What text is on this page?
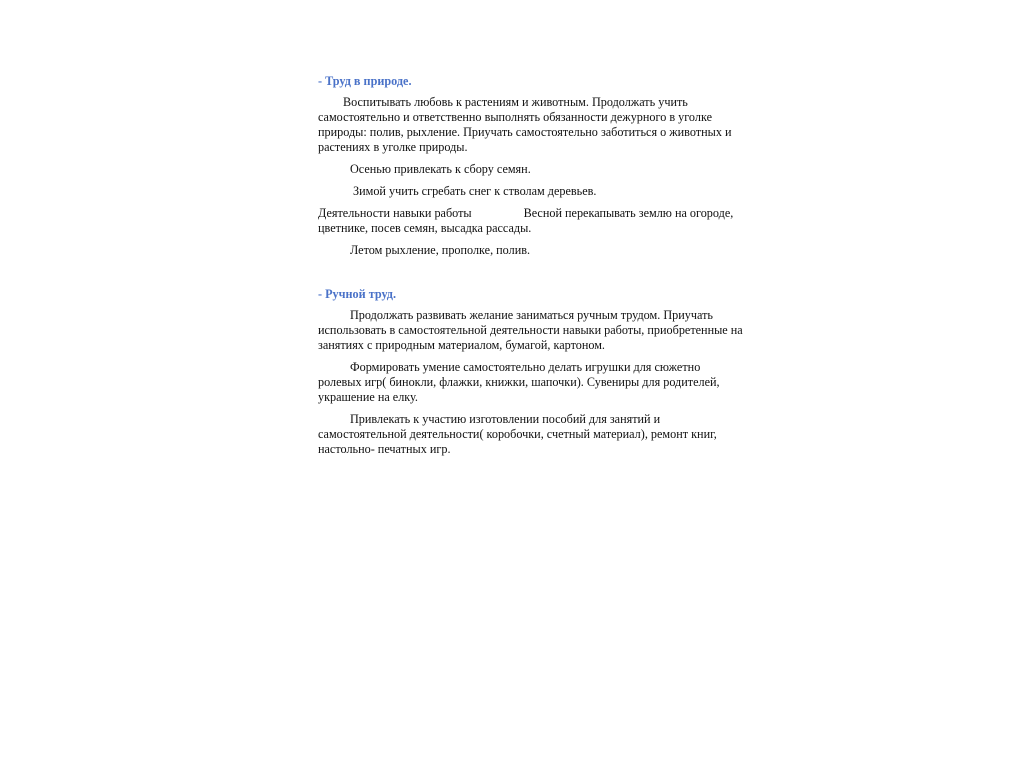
- Труд в природе.

Воспитывать любовь к растениям и животным. Продолжать учить самостоятельно и ответственно выполнять обязанности дежурного в уголке природы: полив, рыхление. Приучать самостоятельно заботиться о животных и растениях в уголке природы.

Осенью привлекать к сбору семян.

Зимой учить сгребать снег к стволам деревьев.

Деятельности навыки работы	Весной перекапывать землю на огороде, цветнике, посев семян, высадка рассады.

Летом рыхление, прополке, полив.

- Ручной труд.

Продолжать развивать желание заниматься ручным трудом. Приучать использовать в самостоятельной деятельности навыки работы, приобретенные на занятиях с природным материалом, бумагой, картоном.

Формировать умение самостоятельно делать игрушки для сюжетно ролевых игр( бинокли, флажки, книжки, шапочки). Сувениры для родителей, украшение на елку.

Привлекать к участию изготовлении пособий для занятий и самостоятельной деятельности( коробочки, счетный материал), ремонт книг, настольно- печатных игр.
